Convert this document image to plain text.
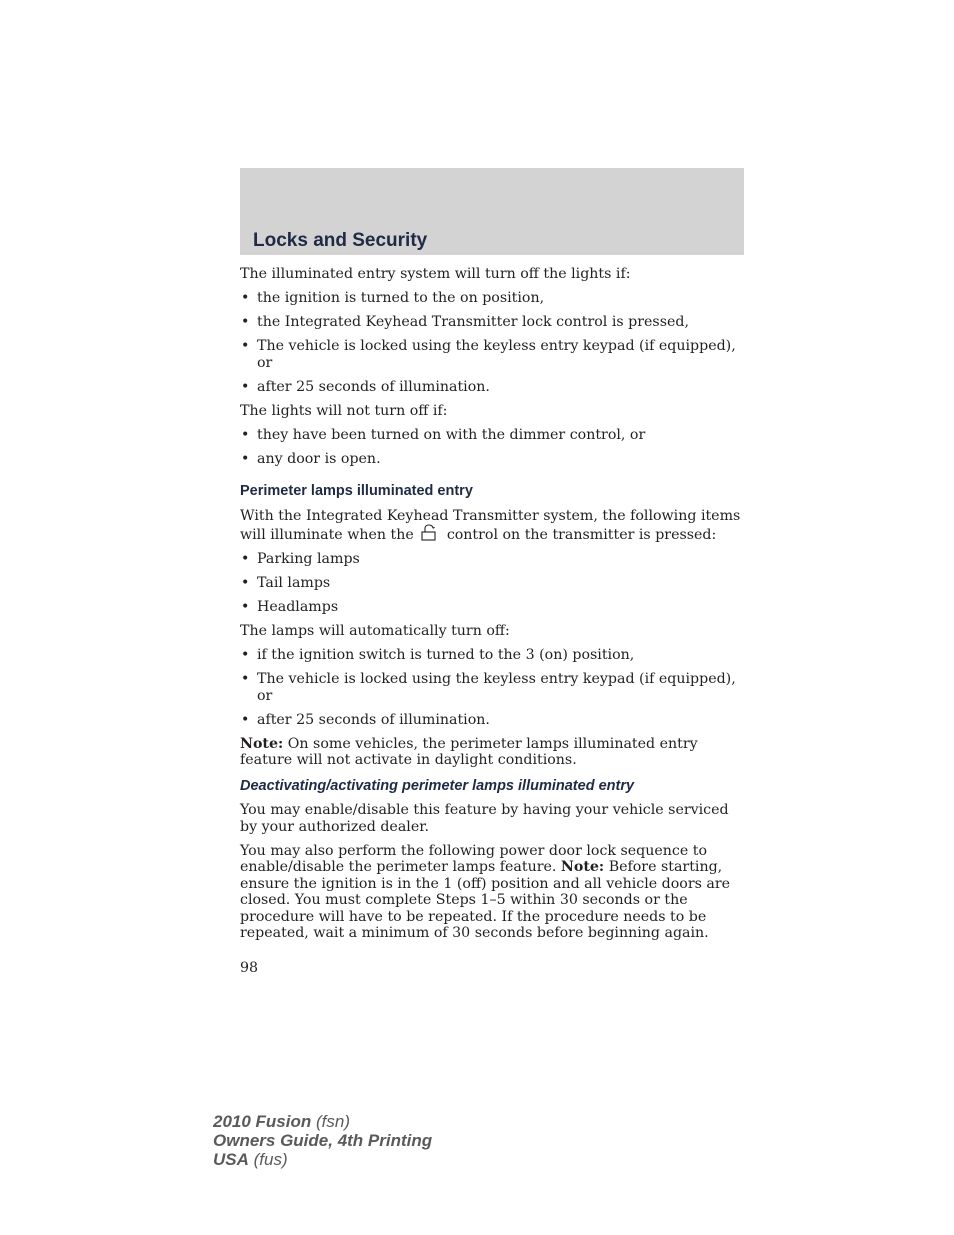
Locks and Security

The illuminated entry system will turn off the lights if:

• the ignition is turned to the on position,
• the Integrated Keyhead Transmitter lock control is pressed,
• The vehicle is locked using the keyless entry keypad (if equipped), or
• after 25 seconds of illumination.

The lights will not turn off if:

• they have been turned on with the dimmer control, or
• any door is open.
Perimeter lamps illuminated entry

With the Integrated Keyhead Transmitter system, the following items will illuminate when the control on the transmitter is pressed:

• Parking lamps
• Tail lamps
• Headlamps

The lamps will automatically turn off:

• if the ignition switch is turned to the 3 (on) position,
• The vehicle is locked using the keyless entry keypad (if equipped), or
• after 25 seconds of illumination.

Note: On some vehicles, the perimeter lamps illuminated entry feature will not activate in daylight conditions.

Deactivating/activating perimeter lamps illuminated entry

You may enable/disable this feature by having your vehicle serviced by your authorized dealer.

You may also perform the following power door lock sequence to enable/disable the perimeter lamps feature. Note: Before starting, ensure the ignition is in the 1 (off) position and all vehicle doors are closed. You must complete Steps 1–5 within 30 seconds or the procedure will have to be repeated. If the procedure needs to be repeated, wait a minimum of 30 seconds before beginning again.

98
2010 Fusion (fsn)
Owners Guide, 4th Printing
USA (fus)
